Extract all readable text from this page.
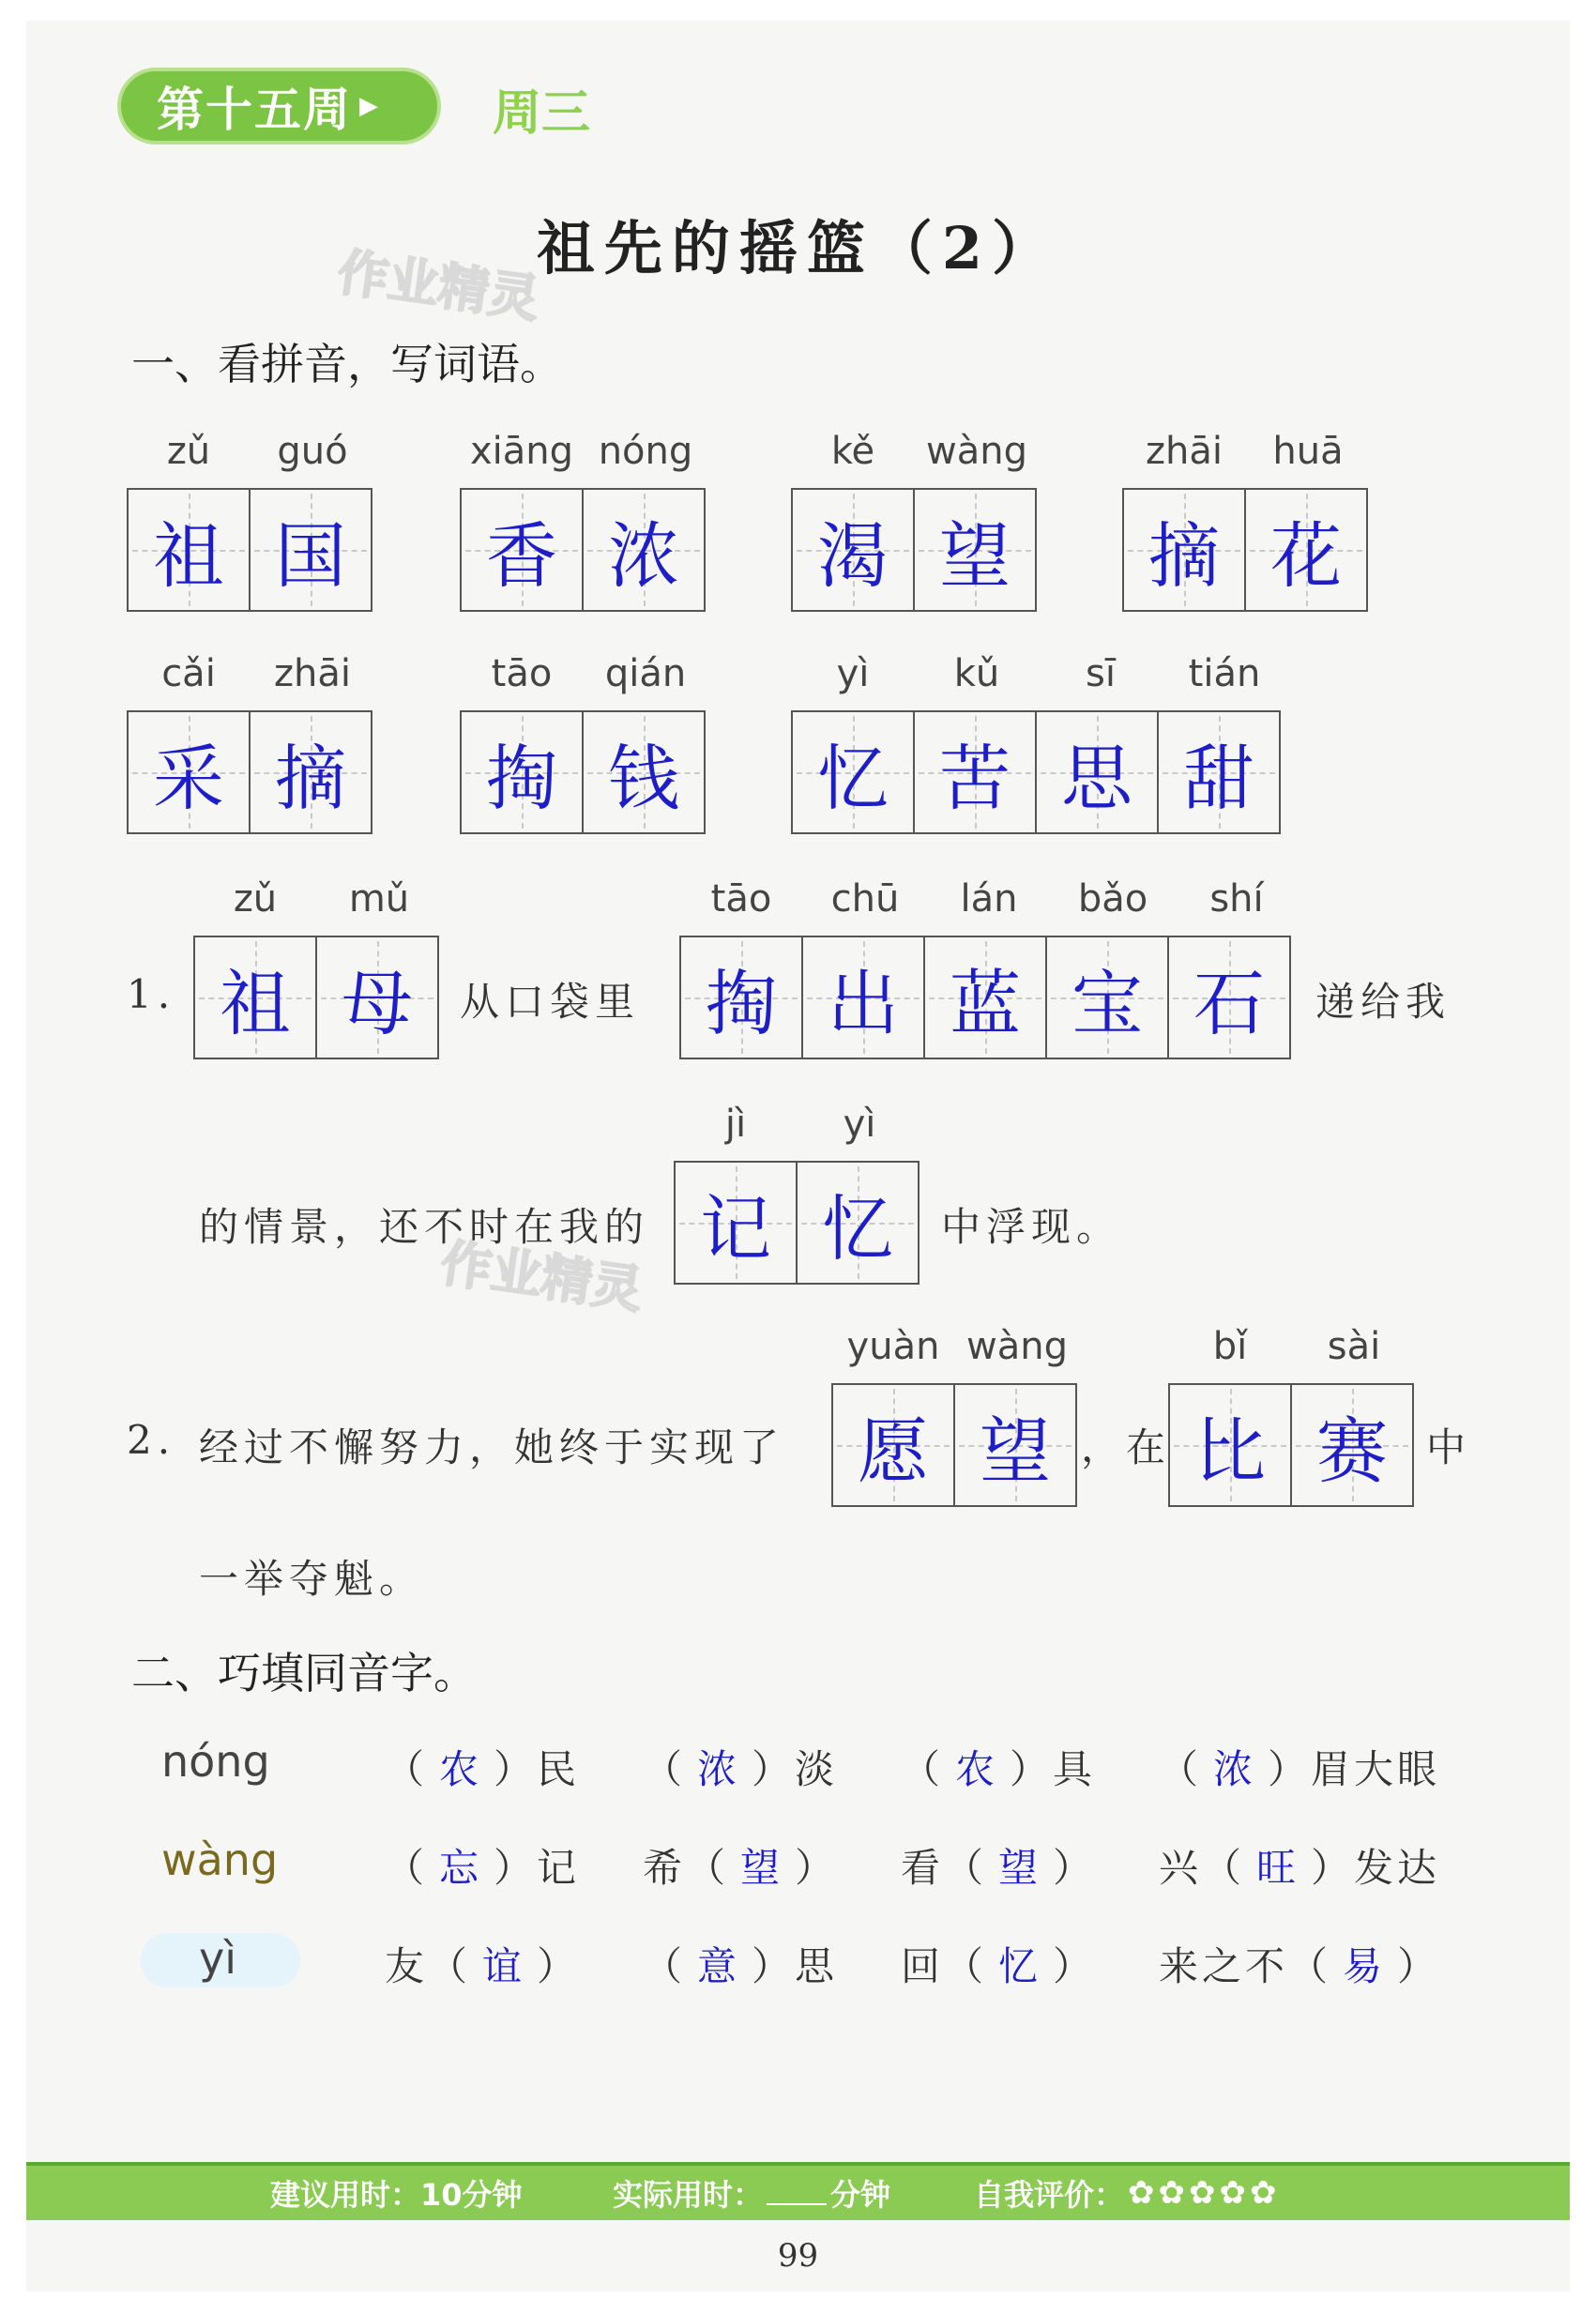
第十五周 ▶ 周三
祖先的摇篮（2）
作业精灵
一、看拼音，写词语。
zǔ	guó
祖 国
xiāng nóng
香 浓
kě	wàng
渴 望
zhāi	huā
摘 花
cǎi	zhāi
采 摘
tāo	qián
掏 钱
yì	kǔ	sī	tián
忆 苦 思 甜
1.
zǔ	mǔ
祖 母 从口袋里
tāo	chū	lán	bǎo	shí
掏 出 蓝 宝 石 递给我
的情景，还不时在我的
作业精灵
jì	yì
记 忆 中浮现。
2. 经过不懈努力，她终于实现了
yuàn wàng
愿 望 ，在
bǐ	sài
比 赛 中
一举夺魁。
二、巧填同音字。
nóng	（ 农 ）民 （ 浓 ）淡 （ 农 ）具 （ 浓 ）眉大眼
wàng	（ 忘 ）记 希（ 望 ） 看（ 望 ） 兴（ 旺 ）发达
yì	友（ 谊 ） （ 意 ）思 回（ 忆 ） 来之不（ 易 ）
建议用时：10分钟	实际用时： 分钟	自我评价： ✿ ✿ ✿ ✿ ✿
99
